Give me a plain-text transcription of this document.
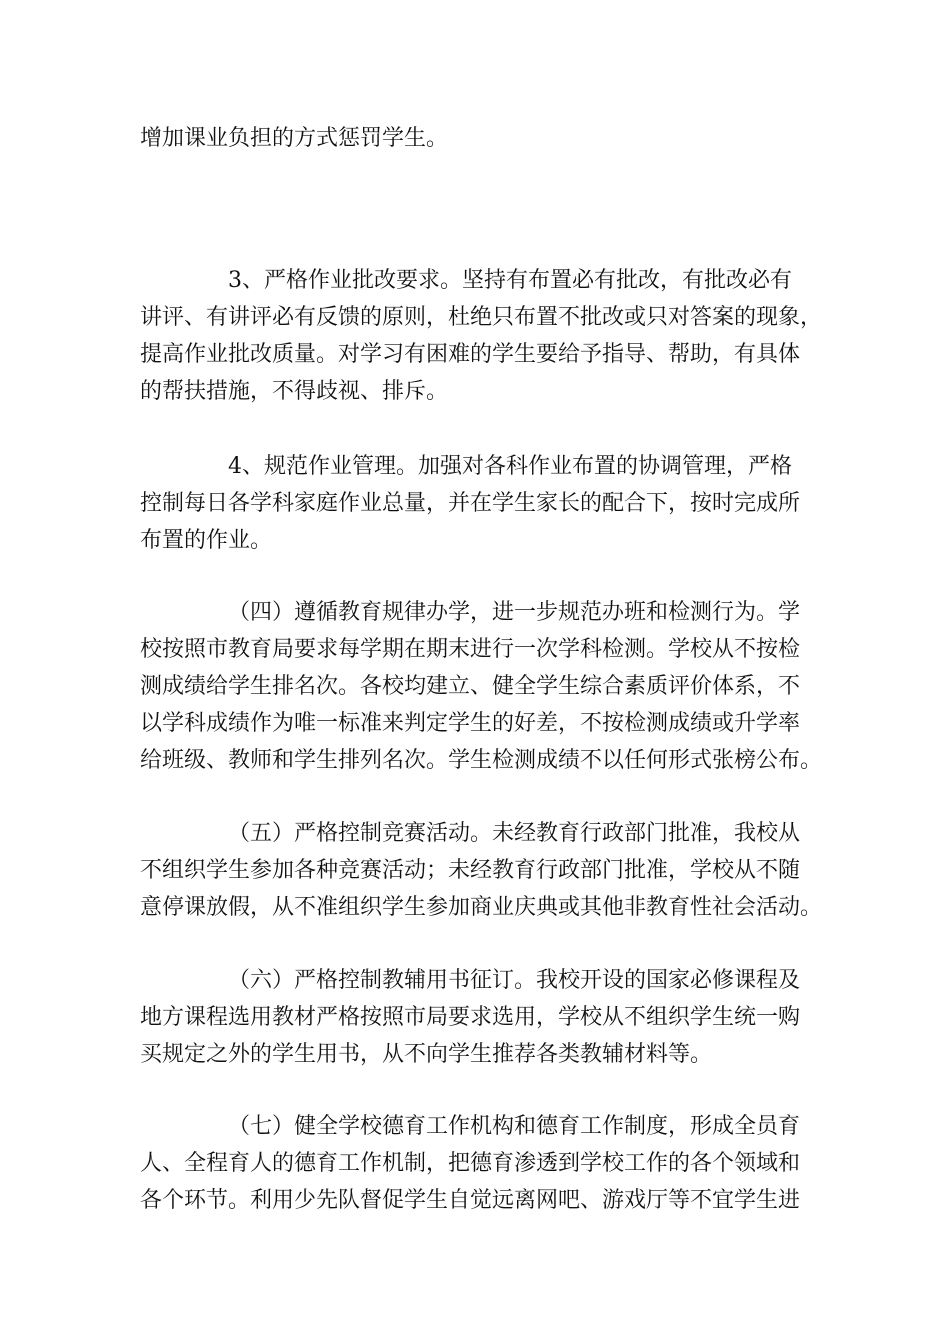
增加课业负担的方式惩罚学生。
3、严格作业批改要求。坚持有布置必有批改，有批改必有
讲评、有讲评必有反馈的原则，杜绝只布置不批改或只对答案的现象，
提高作业批改质量。对学习有困难的学生要给予指导、帮助，有具体
的帮扶措施，不得歧视、排斥。
4、规范作业管理。加强对各科作业布置的协调管理，严格
控制每日各学科家庭作业总量，并在学生家长的配合下，按时完成所
布置的作业。
（四）遵循教育规律办学，进一步规范办班和检测行为。学
校按照市教育局要求每学期在期末进行一次学科检测。学校从不按检
测成绩给学生排名次。各校均建立、健全学生综合素质评价体系，不
以学科成绩作为唯一标准来判定学生的好差，不按检测成绩或升学率
给班级、教师和学生排列名次。学生检测成绩不以任何形式张榜公布。
（五）严格控制竞赛活动。未经教育行政部门批准，我校从
不组织学生参加各种竞赛活动；未经教育行政部门批准，学校从不随
意停课放假，从不准组织学生参加商业庆典或其他非教育性社会活动。
（六）严格控制教辅用书征订。我校开设的国家必修课程及
地方课程选用教材严格按照市局要求选用，学校从不组织学生统一购
买规定之外的学生用书，从不向学生推荐各类教辅材料等。
（七）健全学校德育工作机构和德育工作制度，形成全员育
人、全程育人的德育工作机制，把德育渗透到学校工作的各个领域和
各个环节。利用少先队督促学生自觉远离网吧、游戏厅等不宜学生进
